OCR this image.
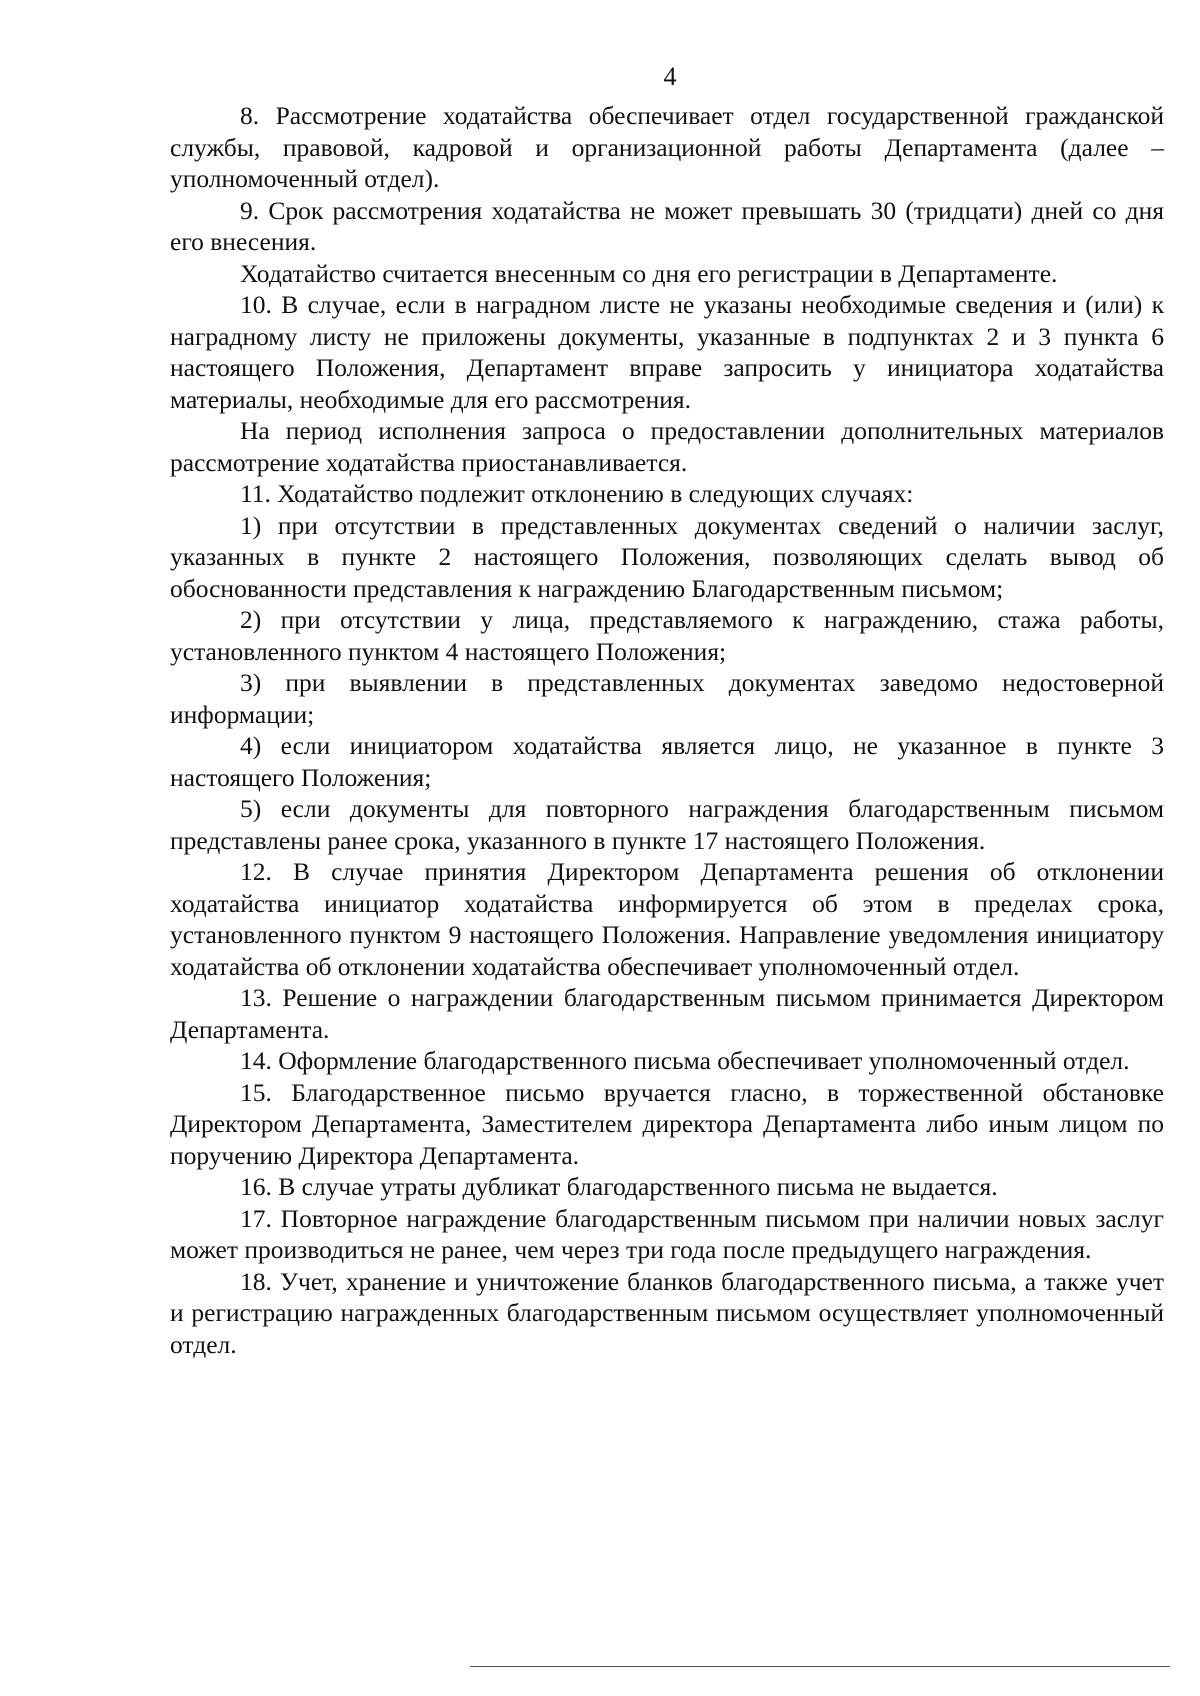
4

8. Рассмотрение ходатайства обеспечивает отдел государственной гражданской службы, правовой, кадровой и организационной работы Департамента (далее – уполномоченный отдел).

9. Срок рассмотрения ходатайства не может превышать 30 (тридцати) дней со дня его внесения.

Ходатайство считается внесенным со дня его регистрации в Департаменте.

10. В случае, если в наградном листе не указаны необходимые сведения и (или) к наградному листу не приложены документы, указанные в подпунктах 2 и 3 пункта 6 настоящего Положения, Департамент вправе запросить у инициатора ходатайства материалы, необходимые для его рассмотрения.

На период исполнения запроса о предоставлении дополнительных материалов рассмотрение ходатайства приостанавливается.

11. Ходатайство подлежит отклонению в следующих случаях:

1) при отсутствии в представленных документах сведений о наличии заслуг, указанных в пункте 2 настоящего Положения, позволяющих сделать вывод об обоснованности представления к награждению Благодарственным письмом;

2) при отсутствии у лица, представляемого к награждению, стажа работы, установленного пунктом 4 настоящего Положения;

3) при выявлении в представленных документах заведомо недостоверной информации;

4) если инициатором ходатайства является лицо, не указанное в пункте 3 настоящего Положения;

5) если документы для повторного награждения благодарственным письмом представлены ранее срока, указанного в пункте 17 настоящего Положения.

12. В случае принятия Директором Департамента решения об отклонении ходатайства инициатор ходатайства информируется об этом в пределах срока, установленного пунктом 9 настоящего Положения. Направление уведомления инициатору ходатайства об отклонении ходатайства обеспечивает уполномоченный отдел.

13. Решение о награждении благодарственным письмом принимается Директором Департамента.

14. Оформление благодарственного письма обеспечивает уполномоченный отдел.

15. Благодарственное письмо вручается гласно, в торжественной обстановке Директором Департамента, Заместителем директора Департамента либо иным лицом по поручению Директора Департамента.

16. В случае утраты дубликат благодарственного письма не выдается.

17. Повторное награждение благодарственным письмом при наличии новых заслуг может производиться не ранее, чем через три года после предыдущего награждения.

18. Учет, хранение и уничтожение бланков благодарственного письма, а также учет и регистрацию награжденных благодарственным письмом осуществляет уполномоченный отдел.
